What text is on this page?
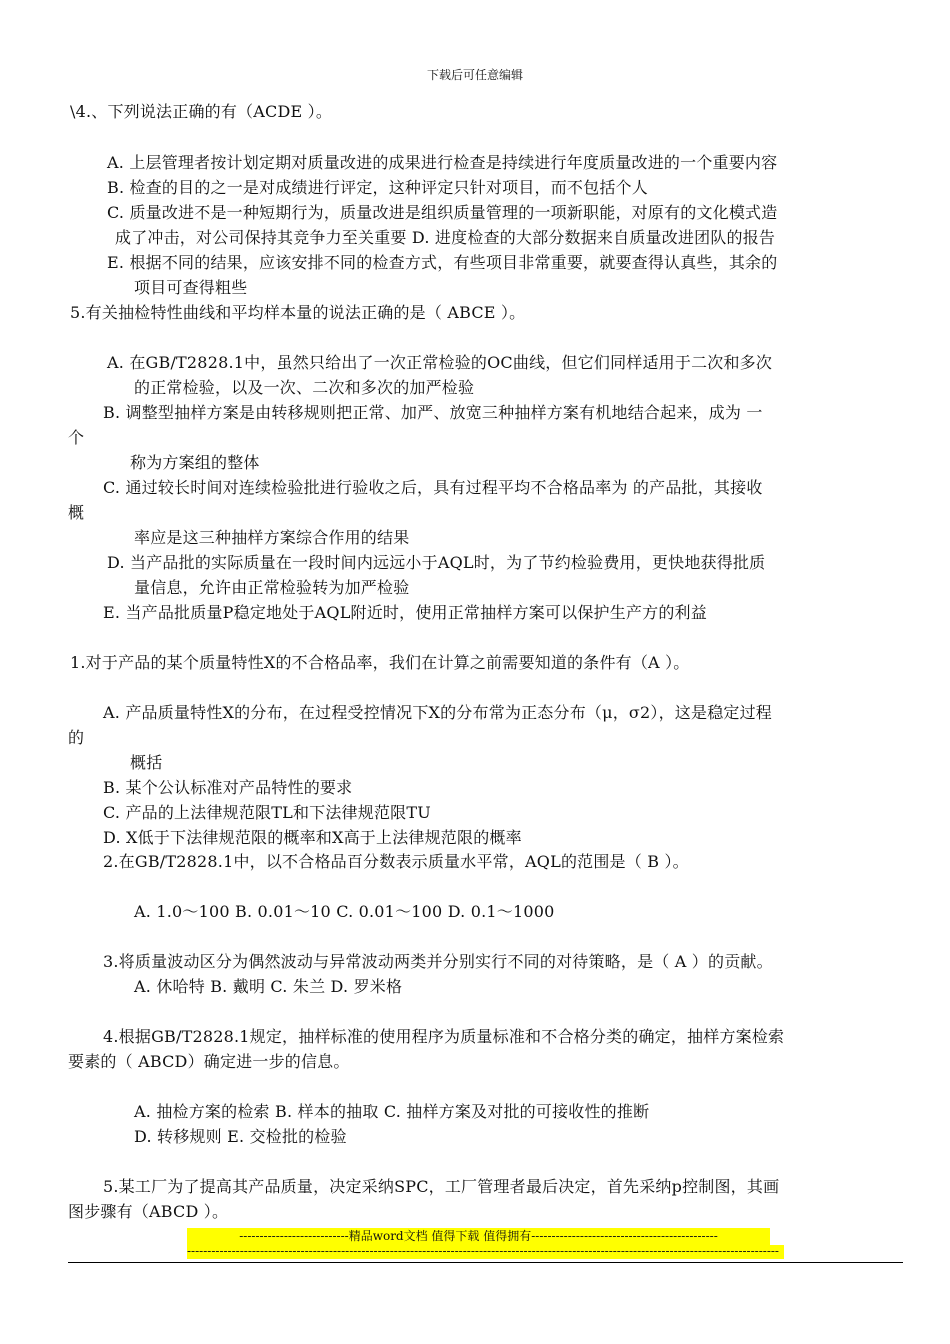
下载后可任意编辑
\4.、下列说法正确的有（ACDE ）。
A. 上层管理者按计划定期对质量改进的成果进行检查是持续进行年度质量改进的一个重要内容
B. 检查的目的之一是对成绩进行评定，这种评定只针对项目，而不包括个人
C. 质量改进不是一种短期行为，质量改进是组织质量管理的一项新职能，对原有的文化模式造
成了冲击，对公司保持其竞争力至关重要 D. 进度检查的大部分数据来自质量改进团队的报告
E. 根据不同的结果，应该安排不同的检查方式，有些项目非常重要，就要查得认真些，其余的
项目可查得粗些
5.有关抽检特性曲线和平均样本量的说法正确的是（ ABCE ）。
A. 在GB/T2828.1中，虽然只给出了一次正常检验的OC曲线，但它们同样适用于二次和多次
的正常检验，以及一次、二次和多次的加严检验
B. 调整型抽样方案是由转移规则把正常、加严、放宽三种抽样方案有机地结合起来，成为 一
个
称为方案组的整体
C. 通过较长时间对连续检验批进行验收之后，具有过程平均不合格品率为 的产品批，其接收
概
率应是这三种抽样方案综合作用的结果
D. 当产品批的实际质量在一段时间内远远小于AQL时，为了节约检验费用，更快地获得批质
量信息，允许由正常检验转为加严检验
E. 当产品批质量P稳定地处于AQL附近时，使用正常抽样方案可以保护生产方的利益
1.对于产品的某个质量特性X的不合格品率，我们在计算之前需要知道的条件有（A ）。
A. 产品质量特性X的分布，在过程受控情况下X的分布常为正态分布（μ，σ2），这是稳定过程
的
概括
B. 某个公认标准对产品特性的要求
C. 产品的上法律规范限TL和下法律规范限TU
D. X低于下法律规范限的概率和X高于上法律规范限的概率
2.在GB/T2828.1中，以不合格品百分数表示质量水平常，AQL的范围是（ B ）。
A. 1.0～100 B. 0.01～10 C. 0.01～100 D. 0.1～1000
3.将质量波动区分为偶然波动与异常波动两类并分别实行不同的对待策略，是（ A ）的贡献。
A. 休哈特 B. 戴明 C. 朱兰 D. 罗米格
4.根据GB/T2828.1规定，抽样标准的使用程序为质量标准和不合格分类的确定，抽样方案检索
要素的（ ABCD）确定进一步的信息。
A. 抽检方案的检索 B. 样本的抽取 C. 抽样方案及对批的可接收性的推断
D. 转移规则 E. 交检批的检验
5.某工厂为了提高其产品质量，决定采纳SPC，工厂管理者最后决定，首先采纳p控制图，其画
图步骤有（ABCD ）。
---------------------------精品word文档 值得下载 值得拥有----------------------------------------------
--------------------------------------------------------------------------------------------------------------------------------------------------
